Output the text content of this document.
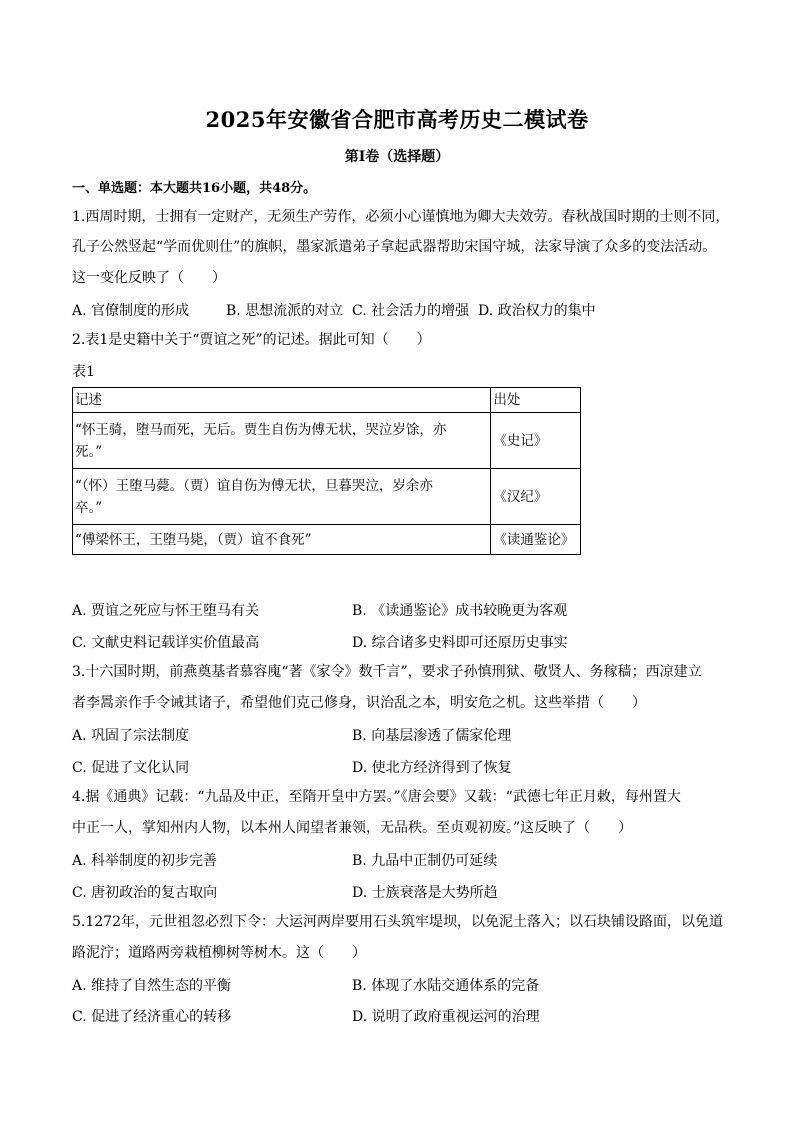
2025年安徽省合肥市高考历史二模试卷
第I卷（选择题）
一、单选题：本大题共16小题，共48分。
1.西周时期，士拥有一定财产，无须生产劳作，必须小心谨慎地为卿大夫效劳。春秋战国时期的士则不同，
孔子公然竖起“学而优则仕”的旗帜，墨家派遣弟子拿起武器帮助宋国守城，法家导演了众多的变法活动。
这一变化反映了（　　）
A. 官僚制度的形成	B. 思想流派的对立 C. 社会活力的增强 D. 政治权力的集中
2.表1是史籍中关于“贾谊之死”的记述。据此可知（　　）
表1
记述	出处

“怀王骑，堕马而死，无后。贾生自伤为傅无状，哭泣岁馀，亦
死。”	《史记》

“（怀）王堕马薨。（贾）谊自伤为傅无状，旦暮哭泣，岁余亦
卒。”	《汉纪》

“傅梁怀王，王堕马毙，（贾）谊不食死”	《读通鉴论》
A. 贾谊之死应与怀王堕马有关	B. 《读通鉴论》成书较晚更为客观
C. 文献史料记载详实价值最高	D. 综合诸多史料即可还原历史事实
3.十六国时期，前燕奠基者慕容廆“著《家令》数千言”，要求子孙慎刑狱、敬贤人、务稼穑；西凉建立
者李暠亲作手令诫其诸子，希望他们克己修身，识治乱之本，明安危之机。这些举措（　　）
A. 巩固了宗法制度	B. 向基层渗透了儒家伦理
C. 促进了文化认同	D. 使北方经济得到了恢复
4.据《通典》记载：“九品及中正，至隋开皇中方罢。”《唐会要》又载：“武德七年正月敕，每州置大
中正一人，掌知州内人物，以本州人闻望者兼领，无品秩。至贞观初废。”这反映了（　　）
A. 科举制度的初步完善	B. 九品中正制仍可延续
C. 唐初政治的复古取向	D. 士族衰落是大势所趋
5.1272年，元世祖忽必烈下令：大运河两岸要用石头筑牢堤坝，以免泥土落入；以石块铺设路面，以免道
路泥泞；道路两旁栽植柳树等树木。这（　　）
A. 维持了自然生态的平衡	B. 体现了水陆交通体系的完备
C. 促进了经济重心的转移	D. 说明了政府重视运河的治理
